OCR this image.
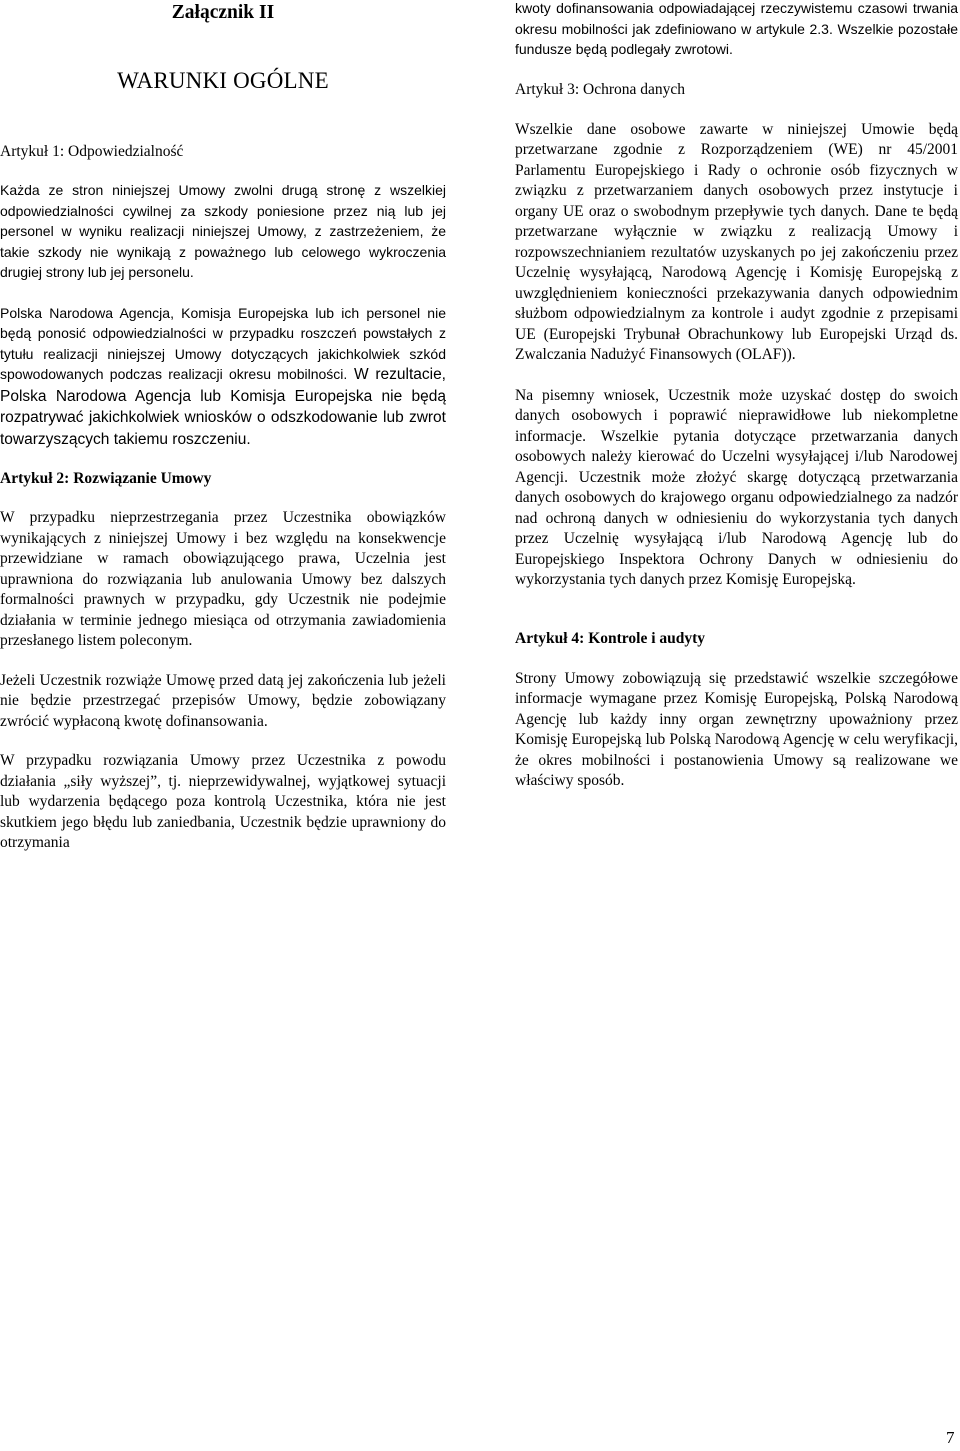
Załącznik II
WARUNKI OGÓLNE
Artykuł 1: Odpowiedzialność

Każda ze stron niniejszej Umowy zwolni drugą stronę z wszelkiej odpowiedzialności cywilnej za szkody poniesione przez nią lub jej personel w wyniku realizacji niniejszej Umowy, z zastrzeżeniem, że takie szkody nie wynikają z poważnego lub celowego wykroczenia drugiej strony lub jej personelu.

Polska Narodowa Agencja, Komisja Europejska lub ich personel nie będą ponosić odpowiedzialności w przypadku roszczeń powstałych z tytułu realizacji niniejszej Umowy dotyczących jakichkolwiek szkód spowodowanych podczas realizacji okresu mobilności. W rezultacie, Polska Narodowa Agencja lub Komisja Europejska nie będą rozpatrywać jakichkolwiek wniosków o odszkodowanie lub zwrot towarzyszących takiemu roszczeniu.

Artykuł 2: Rozwiązanie Umowy

W przypadku nieprzestrzegania przez Uczestnika obowiązków wynikających z niniejszej Umowy i bez względu na konsekwencje przewidziane w ramach obowiązującego prawa, Uczelnia jest uprawniona do rozwiązania lub anulowania Umowy bez dalszych formalności prawnych w przypadku, gdy Uczestnik nie podejmie działania w terminie jednego miesiąca od otrzymania zawiadomienia przesłanego listem poleconym.

Jeżeli Uczestnik rozwiąże Umowę przed datą jej zakończenia lub jeżeli nie będzie przestrzegać przepisów Umowy, będzie zobowiązany zwrócić wypłaconą kwotę dofinansowania.

W przypadku rozwiązania Umowy przez Uczestnika z powodu działania „siły wyższej”, tj. nieprzewidywalnej, wyjątkowej sytuacji lub wydarzenia będącego poza kontrolą Uczestnika, która nie jest skutkiem jego błędu lub zaniedbania, Uczestnik będzie uprawniony do otrzymania

kwoty dofinansowania odpowiadającej rzeczywistemu czasowi trwania okresu mobilności jak zdefiniowano w artykule 2.3. Wszelkie pozostałe fundusze będą podlegały zwrotowi.

Artykuł 3: Ochrona danych

Wszelkie dane osobowe zawarte w niniejszej Umowie będą przetwarzane zgodnie z Rozporządzeniem (WE) nr 45/2001 Parlamentu Europejskiego i Rady o ochronie osób fizycznych w związku z przetwarzaniem danych osobowych przez instytucje i organy UE oraz o swobodnym przepływie tych danych. Dane te będą przetwarzane wyłącznie w związku z realizacją Umowy i rozpowszechnianiem rezultatów uzyskanych po jej zakończeniu przez Uczelnię wysyłającą, Narodową Agencję i Komisję Europejską z uwzględnieniem konieczności przekazywania danych odpowiednim służbom odpowiedzialnym za kontrole i audyt zgodnie z przepisami UE (Europejski Trybunał Obrachunkowy lub Europejski Urząd ds. Zwalczania Nadużyć Finansowych (OLAF)).

Na pisemny wniosek, Uczestnik może uzyskać dostęp do swoich danych osobowych i poprawić nieprawidłowe lub niekompletne informacje. Wszelkie pytania dotyczące przetwarzania danych osobowych należy kierować do Uczelni wysyłającej i/lub Narodowej Agencji. Uczestnik może złożyć skargę dotyczącą przetwarzania danych osobowych do krajowego organu odpowiedzialnego za nadzór nad ochroną danych w odniesieniu do wykorzystania tych danych przez Uczelnię wysyłającą i/lub Narodową Agencję lub do Europejskiego Inspektora Ochrony Danych w odniesieniu do wykorzystania tych danych przez Komisję Europejską.

Artykuł 4: Kontrole i audyty

Strony Umowy zobowiązują się przedstawić wszelkie szczegółowe informacje wymagane przez Komisję Europejską, Polską Narodową Agencję lub każdy inny organ zewnętrzny upoważniony przez Komisję Europejską lub Polską Narodową Agencję w celu weryfikacji, że okres mobilności i postanowienia Umowy są realizowane we właściwy sposób.

7
